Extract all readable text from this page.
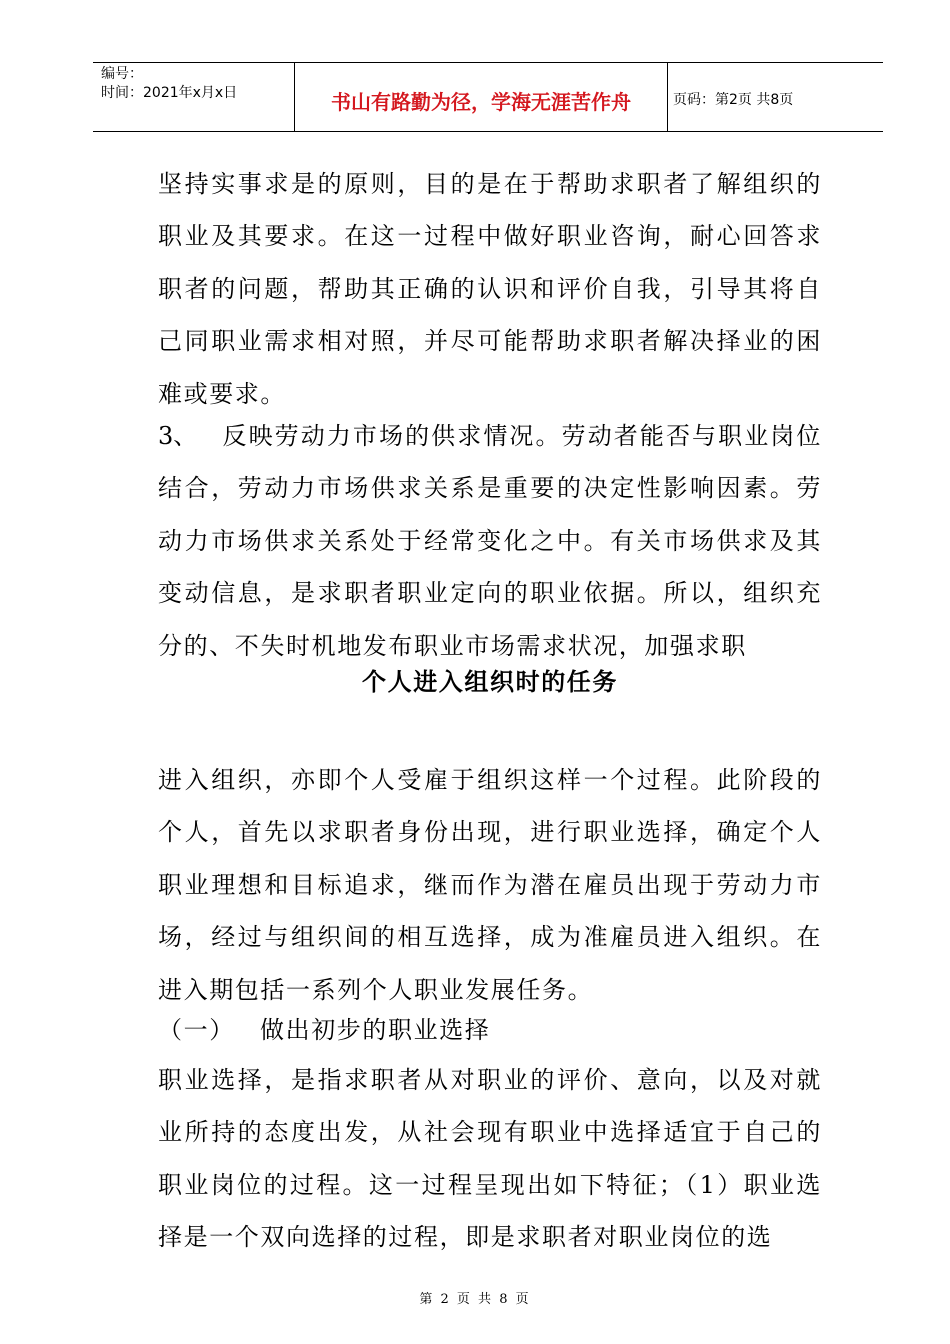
编号：
时间：2021年x月x日	书山有路勤为径，学海无涯苦作舟	页码：第2页 共8页

坚持实事求是的原则，目的是在于帮助求职者了解组织的职业及其要求。在这一过程中做好职业咨询，耐心回答求职者的问题，帮助其正确的认识和评价自我，引导其将自己同职业需求相对照，并尽可能帮助求职者解决择业的困难或要求。

3、 反映劳动力市场的供求情况。劳动者能否与职业岗位结合，劳动力市场供求关系是重要的决定性影响因素。劳动力市场供求关系处于经常变化之中。有关市场供求及其变动信息，是求职者职业定向的职业依据。所以，组织充分的、不失时机地发布职业市场需求状况，加强求职

个人进入组织时的任务

进入组织，亦即个人受雇于组织这样一个过程。此阶段的个人，首先以求职者身份出现，进行职业选择，确定个人职业理想和目标追求，继而作为潜在雇员出现于劳动力市场，经过与组织间的相互选择，成为准雇员进入组织。在进入期包括一系列个人职业发展任务。

（一） 做出初步的职业选择

职业选择，是指求职者从对职业的评价、意向，以及对就业所持的态度出发，从社会现有职业中选择适宜于自己的职业岗位的过程。这一过程呈现出如下特征；（1）职业选择是一个双向选择的过程，即是求职者对职业岗位的选

第 2 页 共 8 页
